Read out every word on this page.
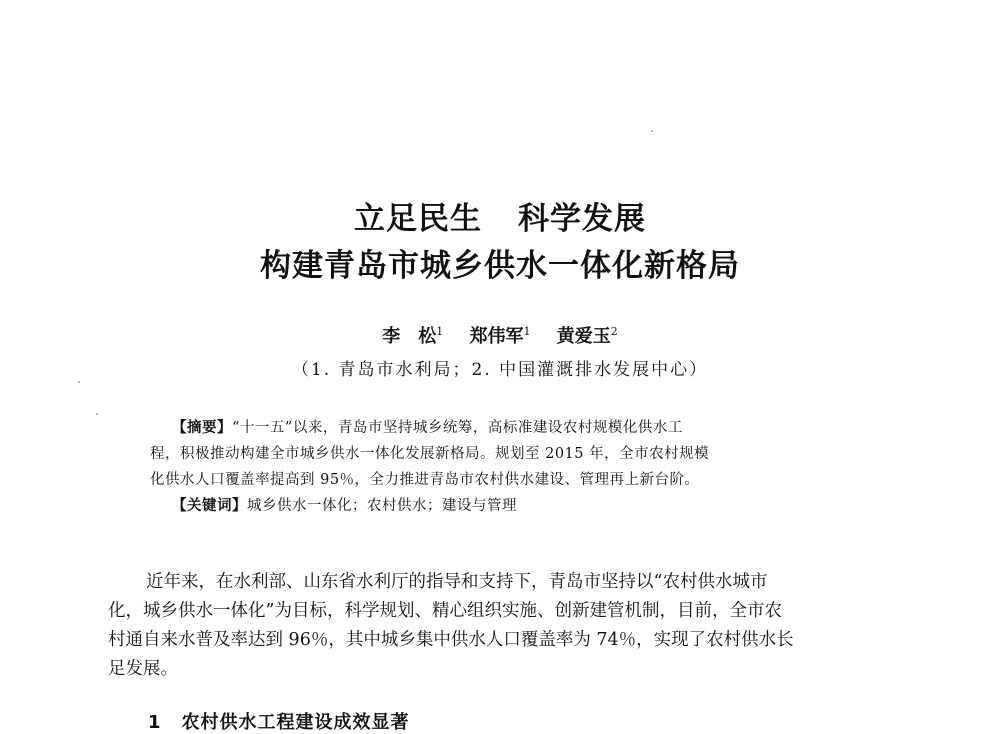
立足民生 科学发展
构建青岛市城乡供水一体化新格局
李　松$^1$ 郑伟军$^1$ 黄爱玉$^2$
（1. 青岛市水利局；2. 中国灌溉排水发展中心）
【摘要】“十一五”以来，青岛市坚持城乡统筹，高标准建设农村规模化供水工
程，积极推动构建全市城乡供水一体化发展新格局。规划至 2015 年，全市农村规模
化供水人口覆盖率提高到 95％，全力推进青岛市农村供水建设、管理再上新台阶。
【关键词】城乡供水一体化；农村供水；建设与管理
近年来，在水利部、山东省水利厅的指导和支持下，青岛市坚持以“农村供水城市
化，城乡供水一体化”为目标，科学规划、精心组织实施、创新建管机制，目前，全市农
村通自来水普及率达到 96％，其中城乡集中供水人口覆盖率为 74％，实现了农村供水长
足发展。
1 农村供水工程建设成效显著
